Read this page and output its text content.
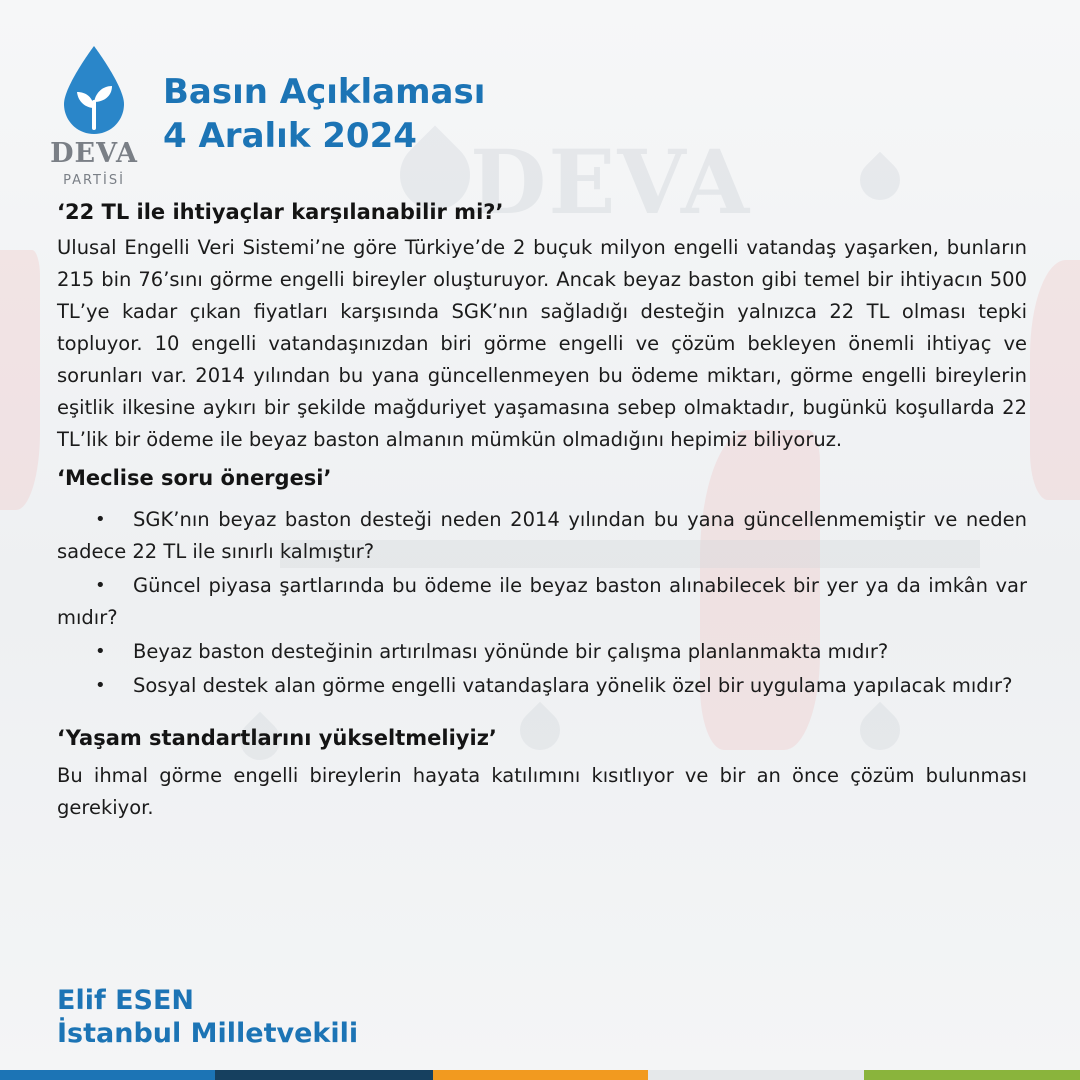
DEVA
DEVA
PARTİSİ
Basın Açıklaması
4 Aralık 2024
‘22 TL ile ihtiyaçlar karşılanabilir mi?’

Ulusal Engelli Veri Sistemi’ne göre Türkiye’de 2 buçuk milyon engelli vatandaş yaşarken, bunların 215 bin 76’sını görme engelli bireyler oluşturuyor. Ancak beyaz baston gibi temel bir ihtiyacın 500 TL’ye kadar çıkan fiyatları karşısında SGK’nın sağladığı desteğin yalnızca 22 TL olması tepki topluyor. 10 engelli vatandaşınızdan biri görme engelli ve çözüm bekleyen önemli ihtiyaç ve sorunları var. 2014 yılından bu yana güncellenmeyen bu ödeme miktarı, görme engelli bireylerin eşitlik ilkesine aykırı bir şekilde mağduriyet yaşamasına sebep olmaktadır, bugünkü koşullarda 22 TL’lik bir ödeme ile beyaz baston almanın mümkün olmadığını hepimiz biliyoruz.

‘Meclise soru önergesi’
• SGK’nın beyaz baston desteği neden 2014 yılından bu yana güncellenmemiştir ve neden sadece 22 TL ile sınırlı kalmıştır?
• Güncel piyasa şartlarında bu ödeme ile beyaz baston alınabilecek bir yer ya da imkân var mıdır?
• Beyaz baston desteğinin artırılması yönünde bir çalışma planlanmakta mıdır?
• Sosyal destek alan görme engelli vatandaşlara yönelik özel bir uygulama yapılacak mıdır?
‘Yaşam standartlarını yükseltmeliyiz’

Bu ihmal görme engelli bireylerin hayata katılımını kısıtlıyor ve bir an önce çözüm bulunması gerekiyor.

Elif ESEN
İstanbul Milletvekili
